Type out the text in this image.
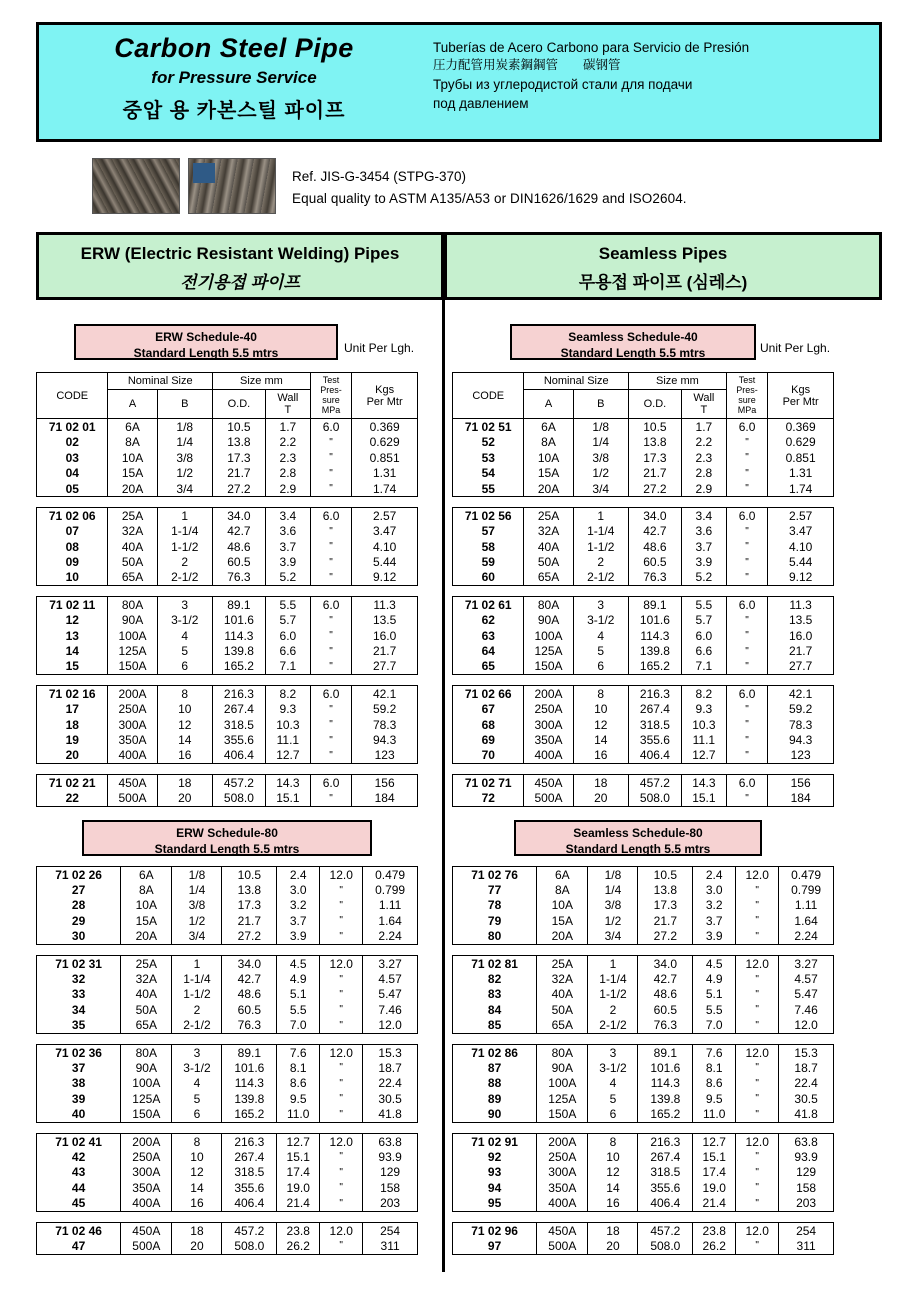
Carbon Steel Pipe
for Pressure Service
중압 용 카본스틸 파이프
Tuberías de Acero Carbono para Servicio de Presión
圧力配管用炭素鋼鋼管　　碳钢管
Трубы из углеродистой стали для подачи
под давлением
Ref. JIS-G-3454 (STPG-370)
Equal quality to ASTM A135/A53 or DIN1626/1629 and ISO2604.
ERW (Electric Resistant Welding) Pipes
전기용접 파이프
Seamless Pipes
무용접 파이프 (심레스)
ERW Schedule-40
Standard Length 5.5 mtrs	Unit Per Lgh.
Seamless Schedule-40
Standard Length 5.5 mtrs	Unit Per Lgh.
ERW Schedule-80
Standard Length 5.5 mtrs
Seamless Schedule-80
Standard Length 5.5 mtrs
CODE	Nominal Size		Size mm		Test
Pres-
sure
MPa	Kgs
Per Mtr
	A	B	O.D.	Wall
T		
71 02 01	6A	1/8	10.5	1.7	6.0	0.369
02	8A	1/4	13.8	2.2	"	0.629
03	10A	3/8	17.3	2.3	"	0.851
04	15A	1/2	21.7	2.8	"	1.31
05	20A	3/4	27.2	2.9	"	1.74

71 02 06	25A	1	34.0	3.4	6.0	2.57
07	32A	1-1/4	42.7	3.6	"	3.47
08	40A	1-1/2	48.6	3.7	"	4.10
09	50A	2	60.5	3.9	"	5.44
10	65A	2-1/2	76.3	5.2	"	9.12

71 02 11	80A	3	89.1	5.5	6.0	11.3
12	90A	3-1/2	101.6	5.7	"	13.5
13	100A	4	114.3	6.0	"	16.0
14	125A	5	139.8	6.6	"	21.7
15	150A	6	165.2	7.1	"	27.7

71 02 16	200A	8	216.3	8.2	6.0	42.1
17	250A	10	267.4	9.3	"	59.2
18	300A	12	318.5	10.3	"	78.3
19	350A	14	355.6	11.1	"	94.3
20	400A	16	406.4	12.7	"	123

71 02 21	450A	18	457.2	14.3	6.0	156
22	500A	20	508.0	15.1	"	184
CODE	Nominal Size		Size mm		Test
Pres-
sure
MPa	Kgs
Per Mtr
	A	B	O.D.	Wall
T		
71 02 51	6A	1/8	10.5	1.7	6.0	0.369
52	8A	1/4	13.8	2.2	"	0.629
53	10A	3/8	17.3	2.3	"	0.851
54	15A	1/2	21.7	2.8	"	1.31
55	20A	3/4	27.2	2.9	"	1.74

71 02 56	25A	1	34.0	3.4	6.0	2.57
57	32A	1-1/4	42.7	3.6	"	3.47
58	40A	1-1/2	48.6	3.7	"	4.10
59	50A	2	60.5	3.9	"	5.44
60	65A	2-1/2	76.3	5.2	"	9.12

71 02 61	80A	3	89.1	5.5	6.0	11.3
62	90A	3-1/2	101.6	5.7	"	13.5
63	100A	4	114.3	6.0	"	16.0
64	125A	5	139.8	6.6	"	21.7
65	150A	6	165.2	7.1	"	27.7

71 02 66	200A	8	216.3	8.2	6.0	42.1
67	250A	10	267.4	9.3	"	59.2
68	300A	12	318.5	10.3	"	78.3
69	350A	14	355.6	11.1	"	94.3
70	400A	16	406.4	12.7	"	123

71 02 71	450A	18	457.2	14.3	6.0	156
72	500A	20	508.0	15.1	"	184
71 02 26	6A	1/8	10.5	2.4	12.0	0.479
27	8A	1/4	13.8	3.0	"	0.799
28	10A	3/8	17.3	3.2	"	1.11
29	15A	1/2	21.7	3.7	"	1.64
30	20A	3/4	27.2	3.9	"	2.24

71 02 31	25A	1	34.0	4.5	12.0	3.27
32	32A	1-1/4	42.7	4.9	"	4.57
33	40A	1-1/2	48.6	5.1	"	5.47
34	50A	2	60.5	5.5	"	7.46
35	65A	2-1/2	76.3	7.0	"	12.0

71 02 36	80A	3	89.1	7.6	12.0	15.3
37	90A	3-1/2	101.6	8.1	"	18.7
38	100A	4	114.3	8.6	"	22.4
39	125A	5	139.8	9.5	"	30.5
40	150A	6	165.2	11.0	"	41.8

71 02 41	200A	8	216.3	12.7	12.0	63.8
42	250A	10	267.4	15.1	"	93.9
43	300A	12	318.5	17.4	"	129
44	350A	14	355.6	19.0	"	158
45	400A	16	406.4	21.4	"	203

71 02 46	450A	18	457.2	23.8	12.0	254
47	500A	20	508.0	26.2	"	311
71 02 76	6A	1/8	10.5	2.4	12.0	0.479
77	8A	1/4	13.8	3.0	"	0.799
78	10A	3/8	17.3	3.2	"	1.11
79	15A	1/2	21.7	3.7	"	1.64
80	20A	3/4	27.2	3.9	"	2.24

71 02 81	25A	1	34.0	4.5	12.0	3.27
82	32A	1-1/4	42.7	4.9	"	4.57
83	40A	1-1/2	48.6	5.1	"	5.47
84	50A	2	60.5	5.5	"	7.46
85	65A	2-1/2	76.3	7.0	"	12.0

71 02 86	80A	3	89.1	7.6	12.0	15.3
87	90A	3-1/2	101.6	8.1	"	18.7
88	100A	4	114.3	8.6	"	22.4
89	125A	5	139.8	9.5	"	30.5
90	150A	6	165.2	11.0	"	41.8

71 02 91	200A	8	216.3	12.7	12.0	63.8
92	250A	10	267.4	15.1	"	93.9
93	300A	12	318.5	17.4	"	129
94	350A	14	355.6	19.0	"	158
95	400A	16	406.4	21.4	"	203

71 02 96	450A	18	457.2	23.8	12.0	254
97	500A	20	508.0	26.2	"	311
